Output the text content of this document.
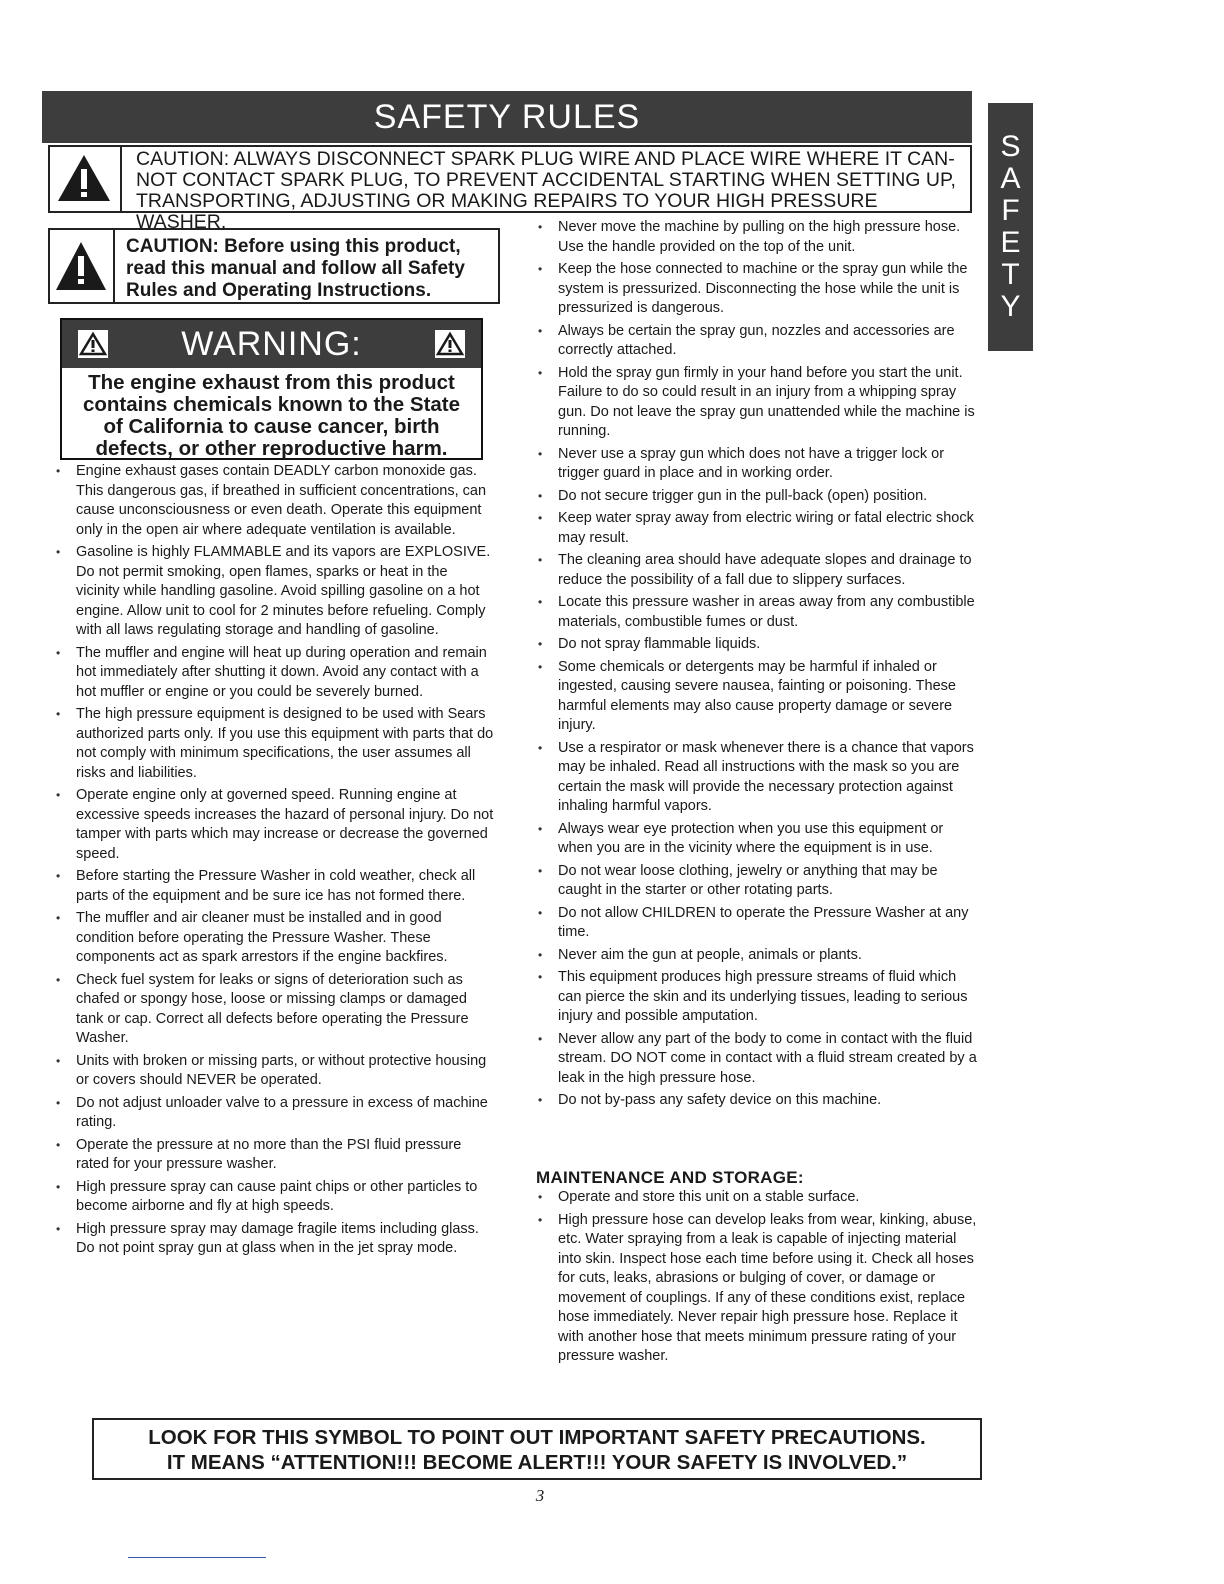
SAFETY RULES
S
A
F
E
T
Y
CAUTION: ALWAYS DISCONNECT SPARK PLUG WIRE AND PLACE WIRE WHERE IT CAN-
NOT CONTACT SPARK PLUG, TO PREVENT ACCIDENTAL STARTING WHEN SETTING UP,
TRANSPORTING, ADJUSTING OR MAKING REPAIRS TO YOUR HIGH PRESSURE WASHER.
CAUTION: Before using this product,
read this manual and follow all Safety
Rules and Operating Instructions.
WARNING:
The engine exhaust from this product
contains chemicals known to the State
of California to cause cancer, birth
defects, or other reproductive harm.
• Engine exhaust gases contain DEADLY carbon monoxide gas. This dangerous gas, if breathed in sufficient concentrations, can cause unconsciousness or even death. Operate this equipment only in the open air where adequate ventilation is available.
• Gasoline is highly FLAMMABLE and its vapors are EXPLOSIVE. Do not permit smoking, open flames, sparks or heat in the vicinity while handling gasoline. Avoid spilling gasoline on a hot engine. Allow unit to cool for 2 minutes before refueling. Comply with all laws regulating storage and handling of gasoline.
• The muffler and engine will heat up during operation and remain hot immediately after shutting it down. Avoid any contact with a hot muffler or engine or you could be severely burned.
• The high pressure equipment is designed to be used with Sears authorized parts only. If you use this equipment with parts that do not comply with minimum specifications, the user assumes all risks and liabilities.
• Operate engine only at governed speed. Running engine at excessive speeds increases the hazard of personal injury. Do not tamper with parts which may increase or decrease the governed speed.
• Before starting the Pressure Washer in cold weather, check all parts of the equipment and be sure ice has not formed there.
• The muffler and air cleaner must be installed and in good condition before operating the Pressure Washer. These components act as spark arrestors if the engine backfires.
• Check fuel system for leaks or signs of deterioration such as chafed or spongy hose, loose or missing clamps or damaged tank or cap. Correct all defects before operating the Pressure Washer.
• Units with broken or missing parts, or without protective housing or covers should NEVER be operated.
• Do not adjust unloader valve to a pressure in excess of machine rating.
• Operate the pressure at no more than the PSI fluid pressure rated for your pressure washer.
• High pressure spray can cause paint chips or other particles to become airborne and fly at high speeds.
• High pressure spray may damage fragile items including glass. Do not point spray gun at glass when in the jet spray mode.
• Never move the machine by pulling on the high pressure hose. Use the handle provided on the top of the unit.
• Keep the hose connected to machine or the spray gun while the system is pressurized. Disconnecting the hose while the unit is pressurized is dangerous.
• Always be certain the spray gun, nozzles and accessories are correctly attached.
• Hold the spray gun firmly in your hand before you start the unit. Failure to do so could result in an injury from a whipping spray gun. Do not leave the spray gun unattended while the machine is running.
• Never use a spray gun which does not have a trigger lock or trigger guard in place and in working order.
• Do not secure trigger gun in the pull-back (open) position.
• Keep water spray away from electric wiring or fatal electric shock may result.
• The cleaning area should have adequate slopes and drainage to reduce the possibility of a fall due to slippery surfaces.
• Locate this pressure washer in areas away from any combustible materials, combustible fumes or dust.
• Do not spray flammable liquids.
• Some chemicals or detergents may be harmful if inhaled or ingested, causing severe nausea, fainting or poisoning. These harmful elements may also cause property damage or severe injury.
• Use a respirator or mask whenever there is a chance that vapors may be inhaled. Read all instructions with the mask so you are certain the mask will provide the necessary protection against inhaling harmful vapors.
• Always wear eye protection when you use this equipment or when you are in the vicinity where the equipment is in use.
• Do not wear loose clothing, jewelry or anything that may be caught in the starter or other rotating parts.
• Do not allow CHILDREN to operate the Pressure Washer at any time.
• Never aim the gun at people, animals or plants.
• This equipment produces high pressure streams of fluid which can pierce the skin and its underlying tissues, leading to serious injury and possible amputation.
• Never allow any part of the body to come in contact with the fluid stream. DO NOT come in contact with a fluid stream created by a leak in the high pressure hose.
• Do not by-pass any safety device on this machine.
MAINTENANCE AND STORAGE:
• Operate and store this unit on a stable surface.
• High pressure hose can develop leaks from wear, kinking, abuse, etc. Water spraying from a leak is capable of injecting material into skin. Inspect hose each time before using it. Check all hoses for cuts, leaks, abrasions or bulging of cover, or damage or movement of couplings. If any of these conditions exist, replace hose immediately. Never repair high pressure hose. Replace it with another hose that meets minimum pressure rating of your pressure washer.
LOOK FOR THIS SYMBOL TO POINT OUT IMPORTANT SAFETY PRECAUTIONS.
IT MEANS “ATTENTION!!! BECOME ALERT!!! YOUR SAFETY IS INVOLVED.”
3
